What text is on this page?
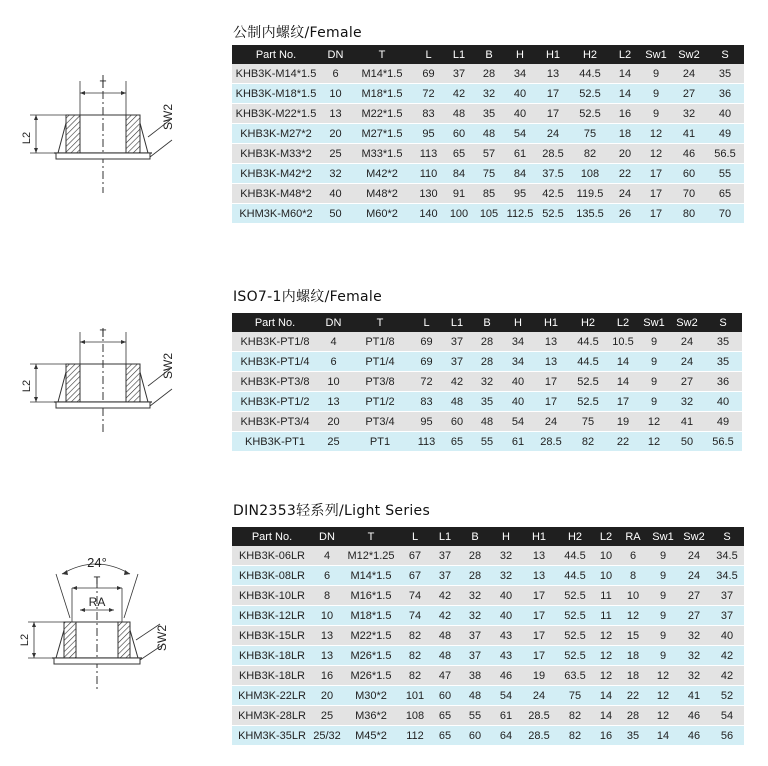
公制内螺纹/Female
ISO7-1内螺纹/Female
DIN2353轻系列/Light Series
T
L2
SW2
T
L2
SW2
24°
T
RA
L2	SW2
Part No.	DN	T	L	L1	B	H	H1	H2	L2	Sw1	Sw2	S
KHB3K-M14*1.5	6	M14*1.5	69	37	28	34	13	44.5	14	9	24	35
KHB3K-M18*1.5	10	M18*1.5	72	42	32	40	17	52.5	14	9	27	36
KHB3K-M22*1.5	13	M22*1.5	83	48	35	40	17	52.5	16	9	32	40
KHB3K-M27*2	20	M27*1.5	95	60	48	54	24	75	18	12	41	49
KHB3K-M33*2	25	M33*1.5	113	65	57	61	28.5	82	20	12	46	56.5
KHB3K-M42*2	32	M42*2	110	84	75	84	37.5	108	22	17	60	55
KHB3K-M48*2	40	M48*2	130	91	85	95	42.5	119.5	24	17	70	65
KHM3K-M60*2	50	M60*2	140	100	105	112.5	52.5	135.5	26	17	80	70
Part No.	DN	T	L	L1	B	H	H1	H2	L2	Sw1	Sw2	S
KHB3K-PT1/8	4	PT1/8	69	37	28	34	13	44.5	10.5	9	24	35
KHB3K-PT1/4	6	PT1/4	69	37	28	34	13	44.5	14	9	24	35
KHB3K-PT3/8	10	PT3/8	72	42	32	40	17	52.5	14	9	27	36
KHB3K-PT1/2	13	PT1/2	83	48	35	40	17	52.5	17	9	32	40
KHB3K-PT3/4	20	PT3/4	95	60	48	54	24	75	19	12	41	49
KHB3K-PT1	25	PT1	113	65	55	61	28.5	82	22	12	50	56.5
Part No.	DN	T	L	L1	B	H	H1	H2	L2	RA	Sw1	Sw2	S
KHB3K-06LR	4	M12*1.25	67	37	28	32	13	44.5	10	6	9	24	34.5
KHB3K-08LR	6	M14*1.5	67	37	28	32	13	44.5	10	8	9	24	34.5
KHB3K-10LR	8	M16*1.5	74	42	32	40	17	52.5	11	10	9	27	37
KHB3K-12LR	10	M18*1.5	74	42	32	40	17	52.5	11	12	9	27	37
KHB3K-15LR	13	M22*1.5	82	48	37	43	17	52.5	12	15	9	32	40
KHB3K-18LR	13	M26*1.5	82	48	37	43	17	52.5	12	18	9	32	42
KHB3K-18LR	16	M26*1.5	82	47	38	46	19	63.5	12	18	12	32	42
KHM3K-22LR	20	M30*2	101	60	48	54	24	75	14	22	12	41	52
KHM3K-28LR	25	M36*2	108	65	55	61	28.5	82	14	28	12	46	54
KHM3K-35LR	25/32	M45*2	112	65	60	64	28.5	82	16	35	14	46	56
